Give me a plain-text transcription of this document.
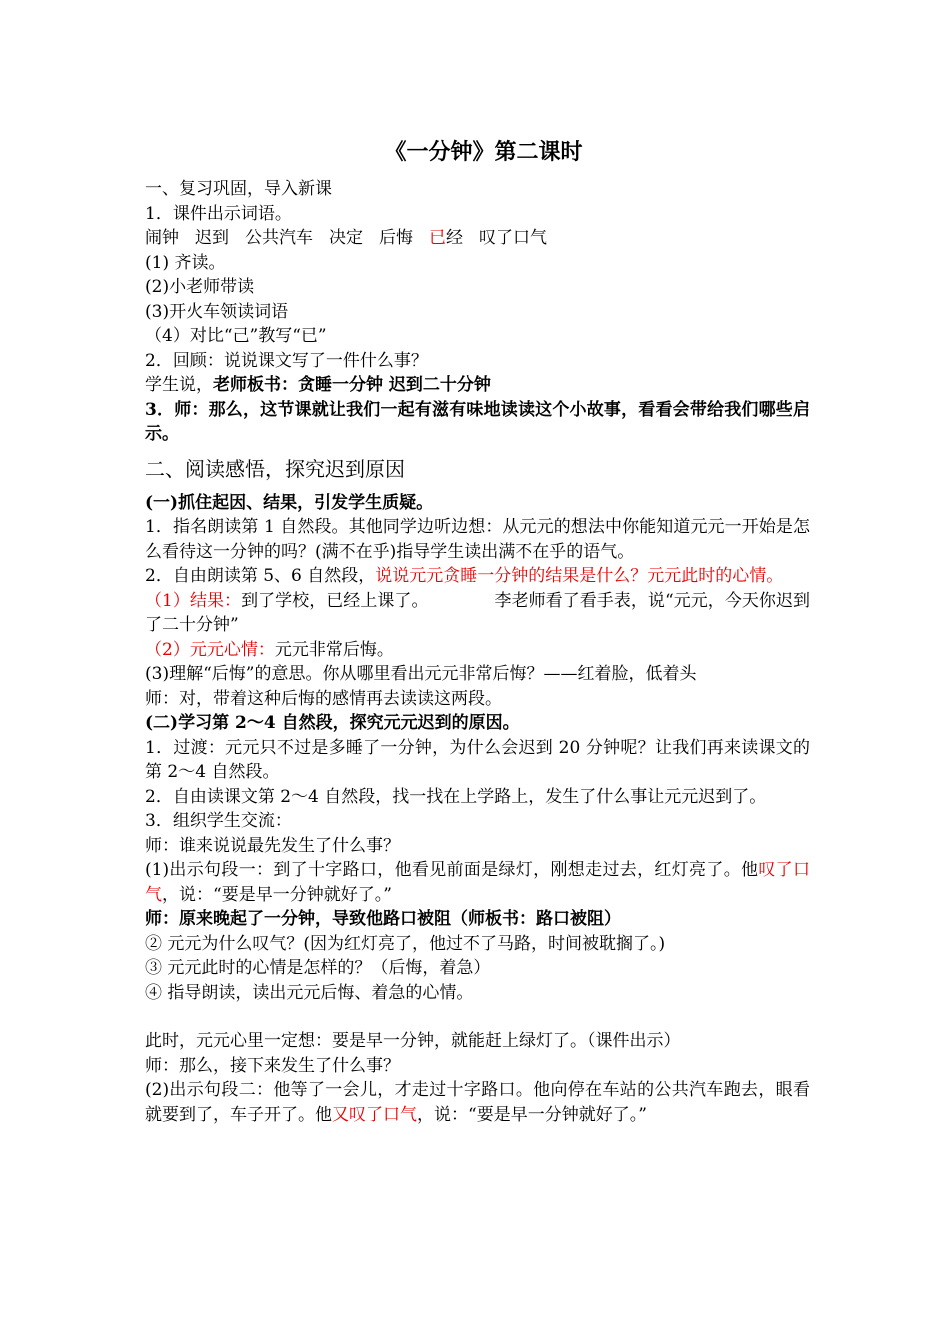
《一分钟》第二课时
一、复习巩固，导入新课
1．课件出示词语。
闹钟 迟到 公共汽车 决定 后悔 已经 叹了口气
(1) 齐读。
(2)小老师带读
(3)开火车领读词语
（4）对比“己”教写“已”
2．回顾：说说课文写了一件什么事？
学生说，老师板书：贪睡一分钟 迟到二十分钟
3．师：那么，这节课就让我们一起有滋有味地读读这个小故事，看看会带给我们哪些启示。
二、阅读感悟，探究迟到原因
(一)抓住起因、结果，引发学生质疑。
1．指名朗读第 1 自然段。其他同学边听边想：从元元的想法中你能知道元元一开始是怎么看待这一分钟的吗？(满不在乎)指导学生读出满不在乎的语气。
2．自由朗读第 5、6 自然段，说说元元贪睡一分钟的结果是什么？元元此时的心情。
（1）结果：到了学校，已经上课了。	李老师看了看手表，说“元元，今天你迟到了二十分钟”
（2）元元心情：元元非常后悔。
(3)理解“后悔”的意思。你从哪里看出元元非常后悔？——红着脸，低着头
师：对，带着这种后悔的感情再去读读这两段。
(二)学习第 2～4 自然段，探究元元迟到的原因。
1．过渡：元元只不过是多睡了一分钟，为什么会迟到 20 分钟呢？让我们再来读课文的第 2～4 自然段。
2．自由读课文第 2～4 自然段，找一找在上学路上，发生了什么事让元元迟到了。
3．组织学生交流：
师：谁来说说最先发生了什么事？
(1)出示句段一：到了十字路口，他看见前面是绿灯，刚想走过去，红灯亮了。他叹了口气，说：“要是早一分钟就好了。”
师：原来晚起了一分钟，导致他路口被阻（师板书：路口被阻）
② 元元为什么叹气？(因为红灯亮了，他过不了马路，时间被耽搁了。)
③ 元元此时的心情是怎样的？（后悔，着急）
④ 指导朗读，读出元元后悔、着急的心情。
此时，元元心里一定想：要是早一分钟，就能赶上绿灯了。（课件出示）
师：那么，接下来发生了什么事？
(2)出示句段二：他等了一会儿，才走过十字路口。他向停在车站的公共汽车跑去，眼看就要到了，车子开了。他又叹了口气，说：“要是早一分钟就好了。”
